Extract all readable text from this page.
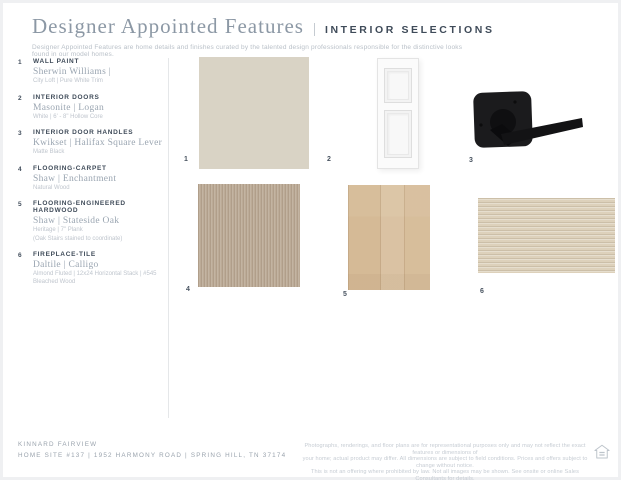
Designer Appointed Features | INTERIOR SELECTIONS
Designer Appointed Features are home details and finishes curated by the talented design professionals responsible for the distinctive looks found in our model homes.
1	WALL PAINT
Sherwin Williams |
City Loft | Pure White Trim
2	INTERIOR DOORS
Masonite | Logan
White | 6' - 8" Hollow Core
3	INTERIOR DOOR HANDLES
Kwikset | Halifax Square Lever
Matte Black
4	FLOORING-CARPET
Shaw | Enchantment
Natural Wood
5	FLOORING-ENGINEERED HARDWOOD
Shaw | Stateside Oak
Heritage | 7" Plank
(Oak Stairs stained to coordinate)
6	FIREPLACE-TILE
Daltile | Calligo
Almond Fluted | 12x24 Horizontal Stack | #545 Bleached Wood
1	2	3
4
5	6
KINNARD FAIRVIEW
HOME SITE #137 | 1952 HARMONY ROAD | SPRING HILL, TN 37174
Photographs, renderings, and floor plans are for representational purposes only and may not reflect the exact features or dimensions of
your home; actual product may differ. All dimensions are subject to field conditions. Prices and offers subject to change without notice.
This is not an offering where prohibited by law. Not all images may be shown. See onsite or online Sales Consultants for details.
